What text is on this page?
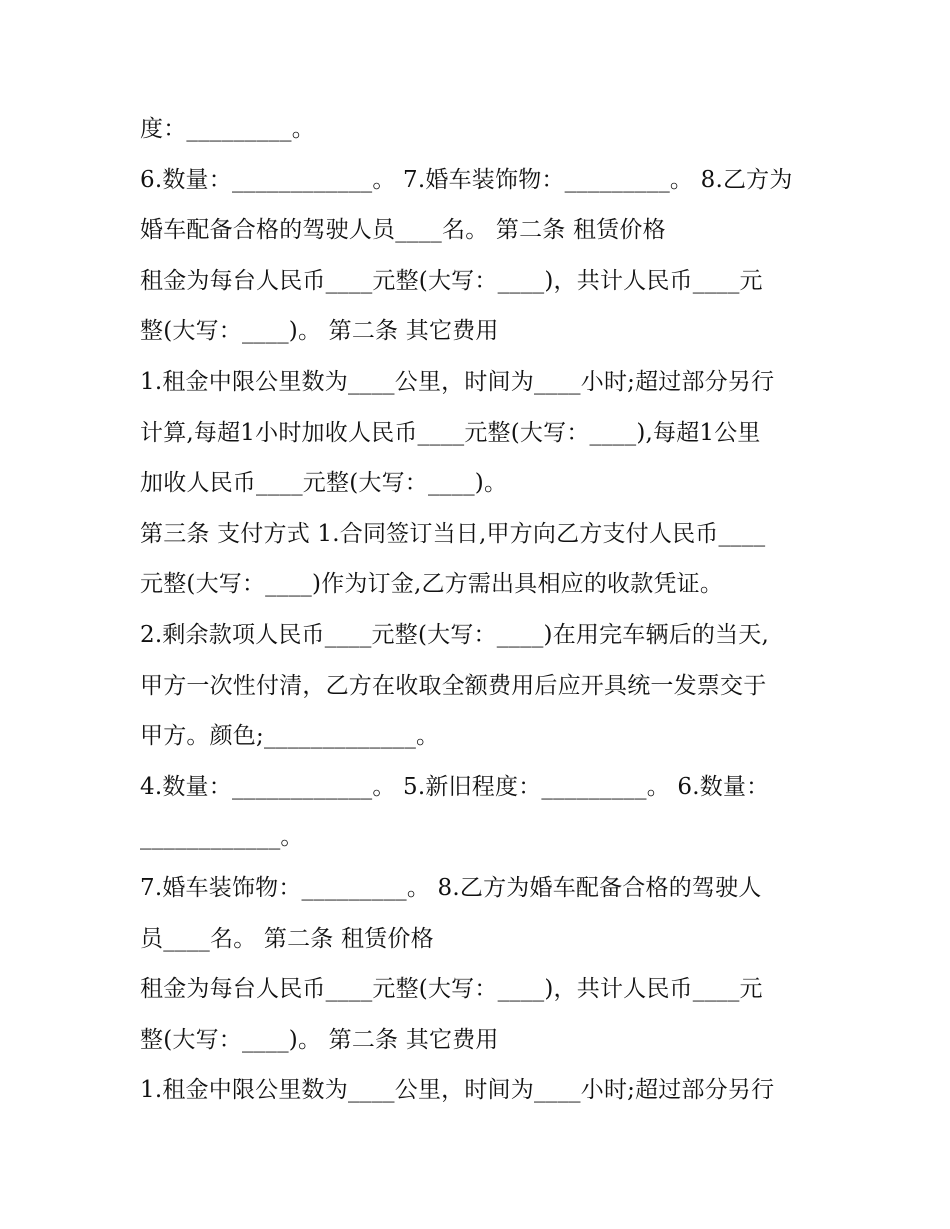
度：_________。
6.数量：____________。 7.婚车装饰物：_________。 8.乙方为
婚车配备合格的驾驶人员____名。 第二条 租赁价格
租金为每台人民币____元整(大写：____)，共计人民币____元
整(大写：____)。 第二条 其它费用
1.租金中限公里数为____公里，时间为____小时;超过部分另行
计算,每超1小时加收人民币____元整(大写：____),每超1公里
加收人民币____元整(大写：____)。
第三条 支付方式 1.合同签订当日,甲方向乙方支付人民币____
元整(大写：____)作为订金,乙方需出具相应的收款凭证。
2.剩余款项人民币____元整(大写：____)在用完车辆后的当天,
甲方一次性付清，乙方在收取全额费用后应开具统一发票交于
甲方。颜色;_____________。
4.数量：____________。 5.新旧程度：_________。 6.数量：
____________。
7.婚车装饰物：_________。 8.乙方为婚车配备合格的驾驶人
员____名。 第二条 租赁价格
租金为每台人民币____元整(大写：____)，共计人民币____元
整(大写：____)。 第二条 其它费用
1.租金中限公里数为____公里，时间为____小时;超过部分另行
